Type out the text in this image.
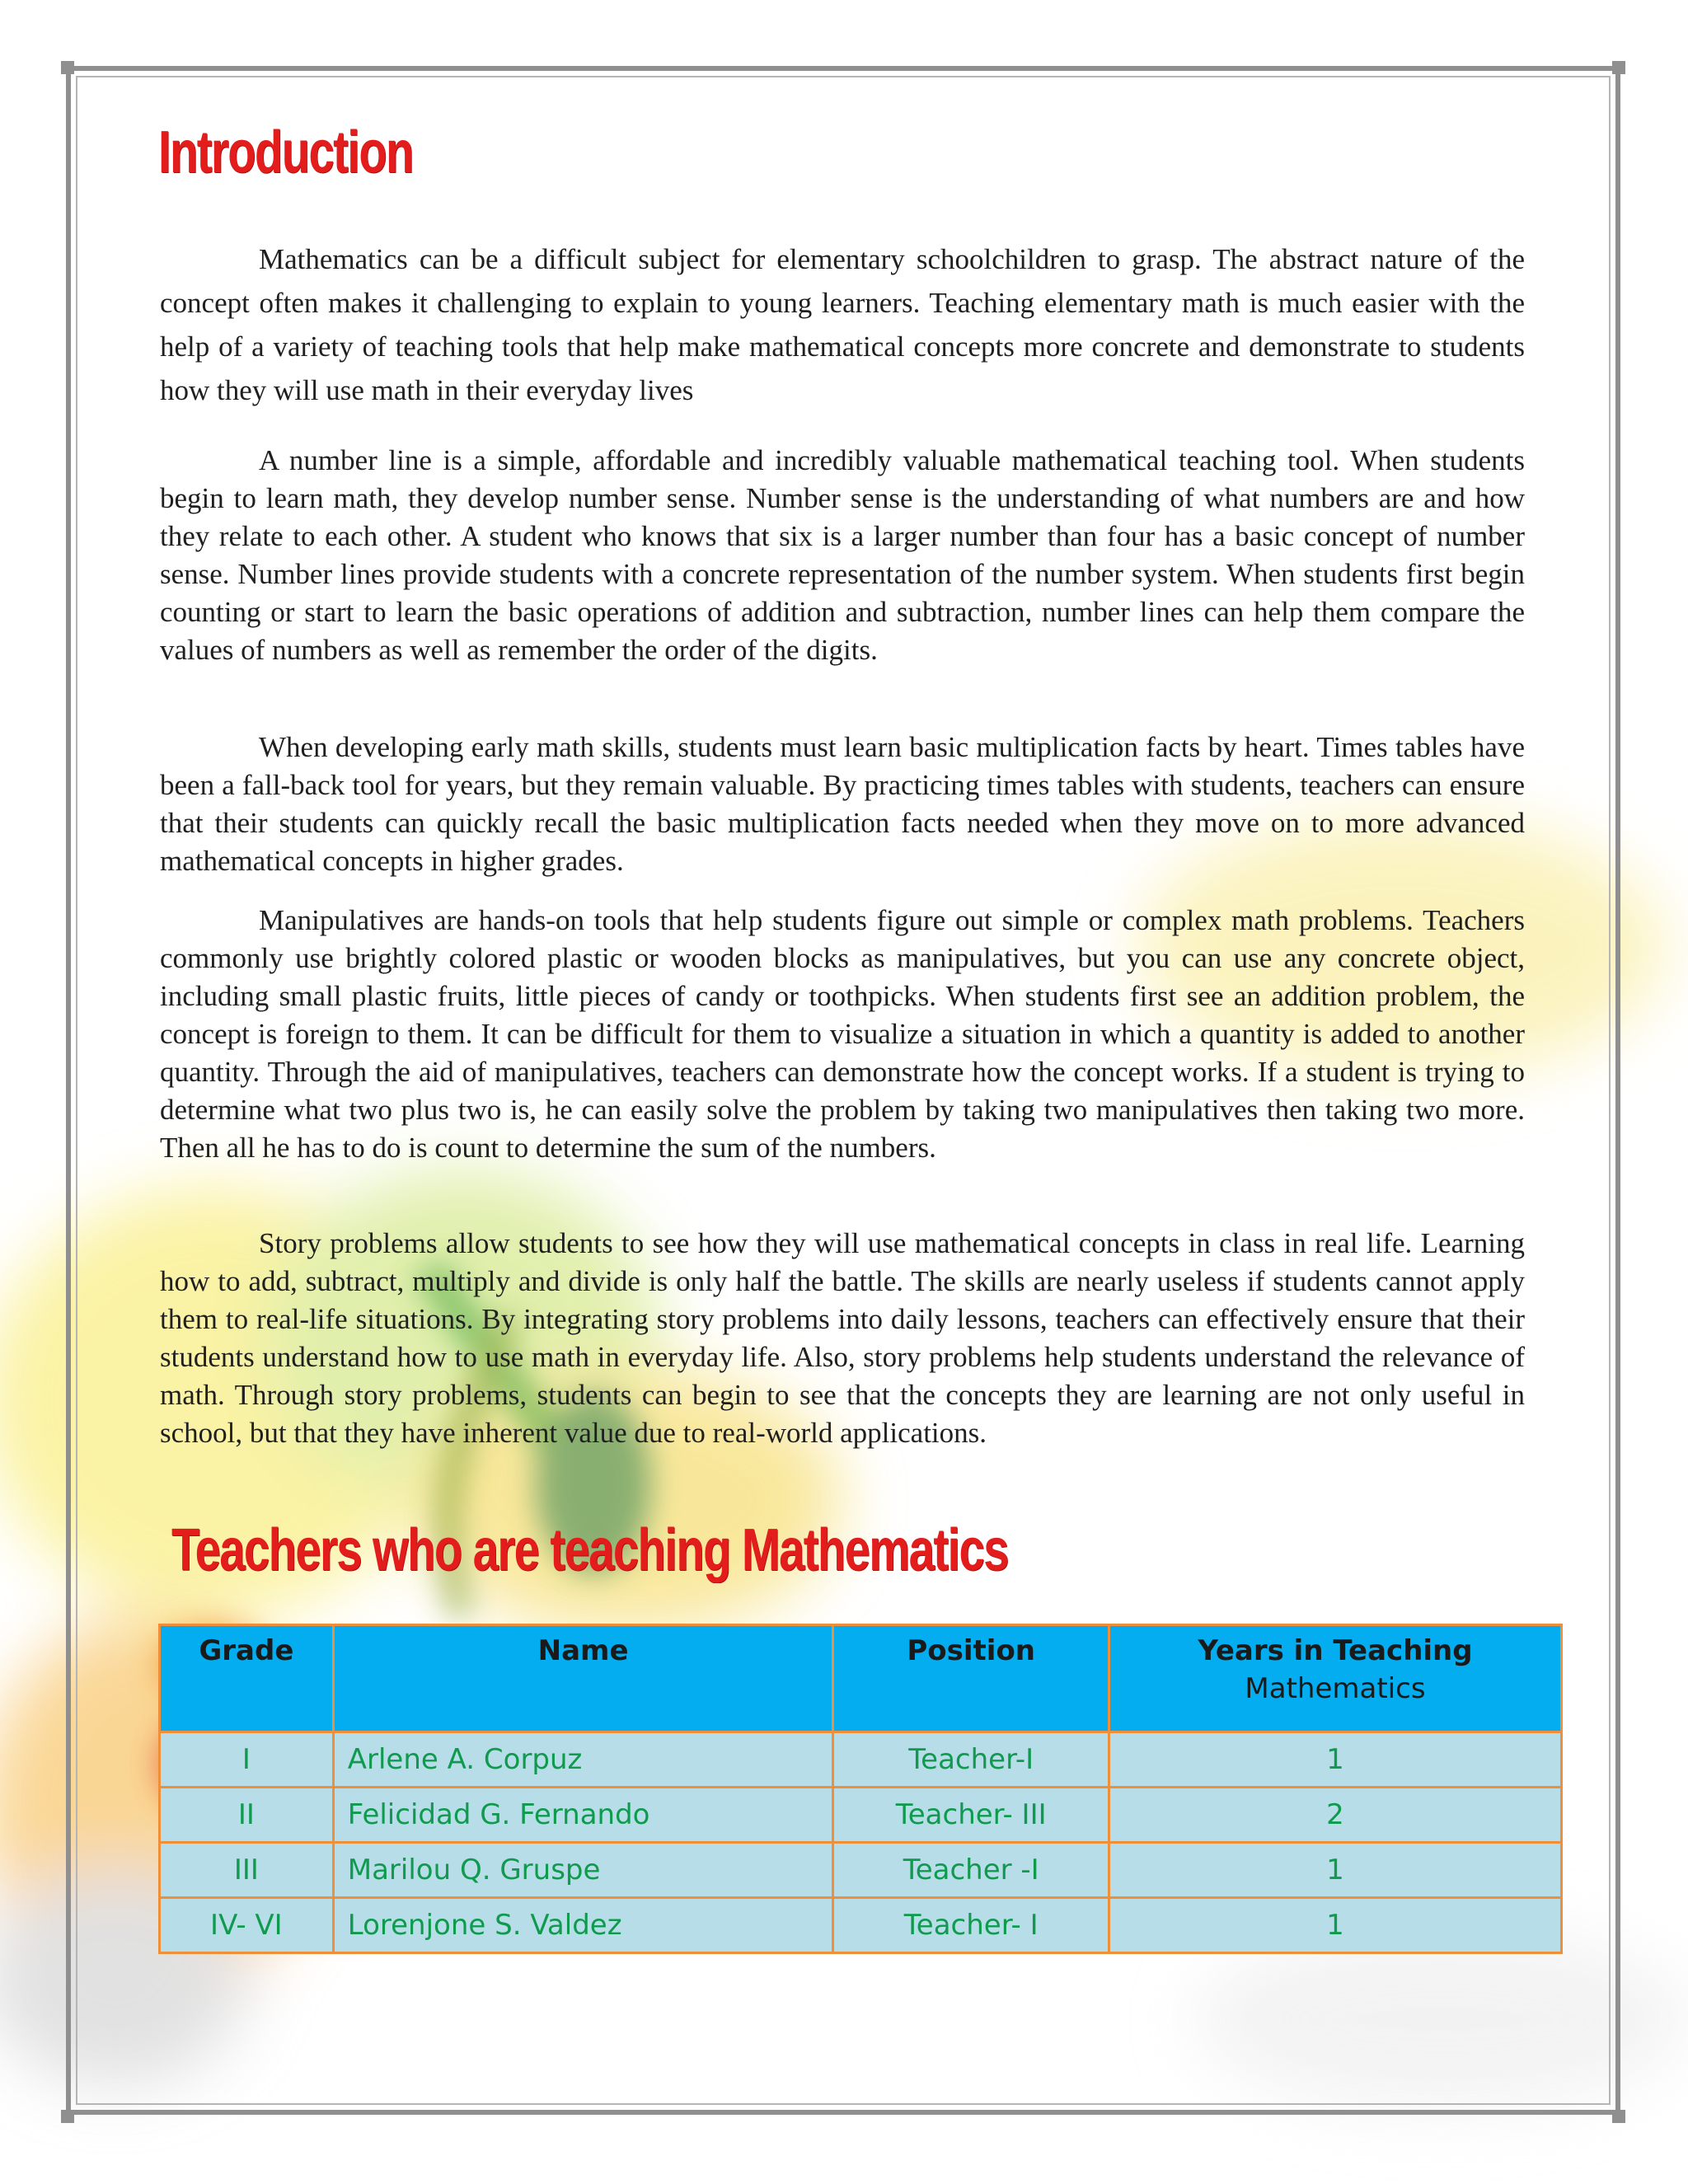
Introduction

Mathematics can be a difficult subject for elementary schoolchildren to grasp. The abstract nature of the concept often makes it challenging to explain to young learners. Teaching elementary math is much easier with the help of a variety of teaching tools that help make mathematical concepts more concrete and demonstrate to students how they will use math in their everyday lives

A number line is a simple, affordable and incredibly valuable mathematical teaching tool. When students begin to learn math, they develop number sense. Number sense is the understanding of what numbers are and how they relate to each other. A student who knows that six is a larger number than four has a basic concept of number sense. Number lines provide students with a concrete representation of the number system. When students first begin counting or start to learn the basic operations of addition and subtraction, number lines can help them compare the values of numbers as well as remember the order of the digits.

When developing early math skills, students must learn basic multiplication facts by heart. Times tables have been a fall-back tool for years, but they remain valuable. By practicing times tables with students, teachers can ensure that their students can quickly recall the basic multiplication facts needed when they move on to more advanced mathematical concepts in higher grades.

Manipulatives are hands-on tools that help students figure out simple or complex math problems. Teachers commonly use brightly colored plastic or wooden blocks as manipulatives, but you can use any concrete object, including small plastic fruits, little pieces of candy or toothpicks. When students first see an addition problem, the concept is foreign to them. It can be difficult for them to visualize a situation in which a quantity is added to another quantity. Through the aid of manipulatives, teachers can demonstrate how the concept works. If a student is trying to determine what two plus two is, he can easily solve the problem by taking two manipulatives then taking two more. Then all he has to do is count to determine the sum of the numbers.

Story problems allow students to see how they will use mathematical concepts in class in real life. Learning how to add, subtract, multiply and divide is only half the battle. The skills are nearly useless if students cannot apply them to real-life situations. By integrating story problems into daily lessons, teachers can effectively ensure that their students understand how to use math in everyday life. Also, story problems help students understand the relevance of math. Through story problems, students can begin to see that the concepts they are learning are not only useful in school, but that they have inherent value due to real-world applications.

Teachers who are teaching Mathematics
Grade	Name	Position	Years in Teaching
Mathematics

I	Arlene A. Corpuz	Teacher-I	1
II	Felicidad G. Fernando	Teacher- III	2
III	Marilou Q. Gruspe	Teacher -I	1
IV- VI	Lorenjone S. Valdez	Teacher- I	1
